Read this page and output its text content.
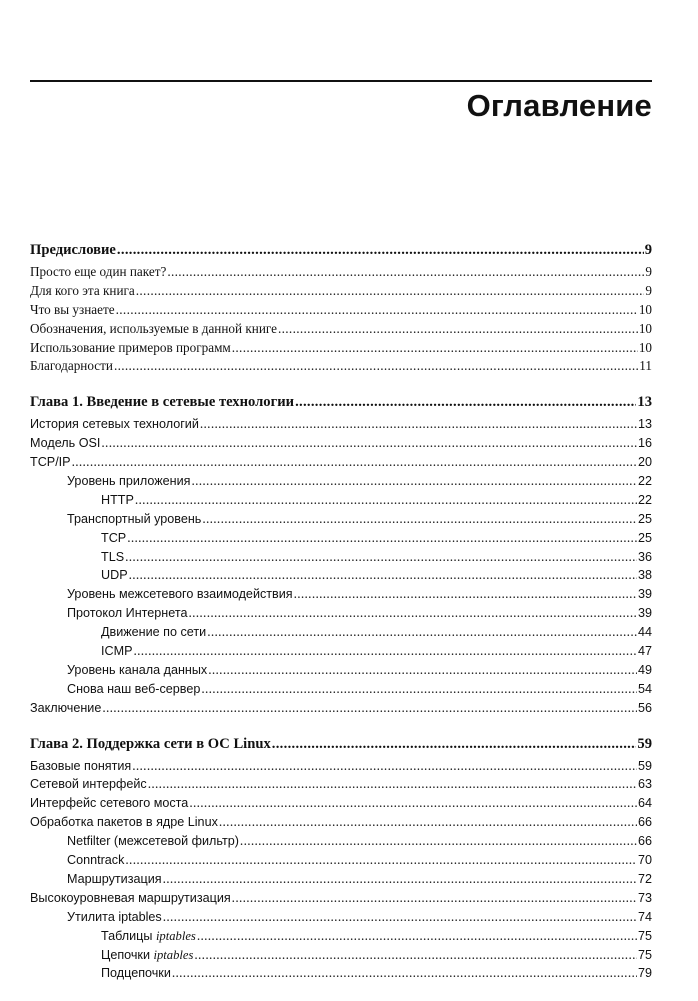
Оглавление
Предисловие .....	9
Просто еще один пакет? .....	9
Для кого эта книга .....	9
Что вы узнаете .....	10
Обозначения, используемые в данной книге .....	10
Использование примеров программ .....	10
Благодарности .....	11
Глава 1. Введение в сетевые технологии .....	13
История сетевых технологий .....	13
Модель OSI .....	16
TCP/IP .....	20
Уровень приложения .....	22
HTTP .....	22
Транспортный уровень .....	25
TCP .....	25
TLS .....	36
UDP .....	38
Уровень межсетевого взаимодействия .....	39
Протокол Интернета .....	39
Движение по сети .....	44
ICMP .....	47
Уровень канала данных .....	49
Снова наш веб-сервер .....	54
Заключение .....	56
Глава 2. Поддержка сети в ОС Linux .....	59
Базовые понятия .....	59
Сетевой интерфейс .....	63
Интерфейс сетевого моста .....	64
Обработка пакетов в ядре Linux .....	66
Netfilter (межсетевой фильтр) .....	66
Conntrack .....	70
Маршрутизация .....	72
Высокоуровневая маршрутизация .....	73
Утилита iptables .....	74
Таблицы iptables .....	75
Цепочки iptables .....	75
Подцепочки .....	79
